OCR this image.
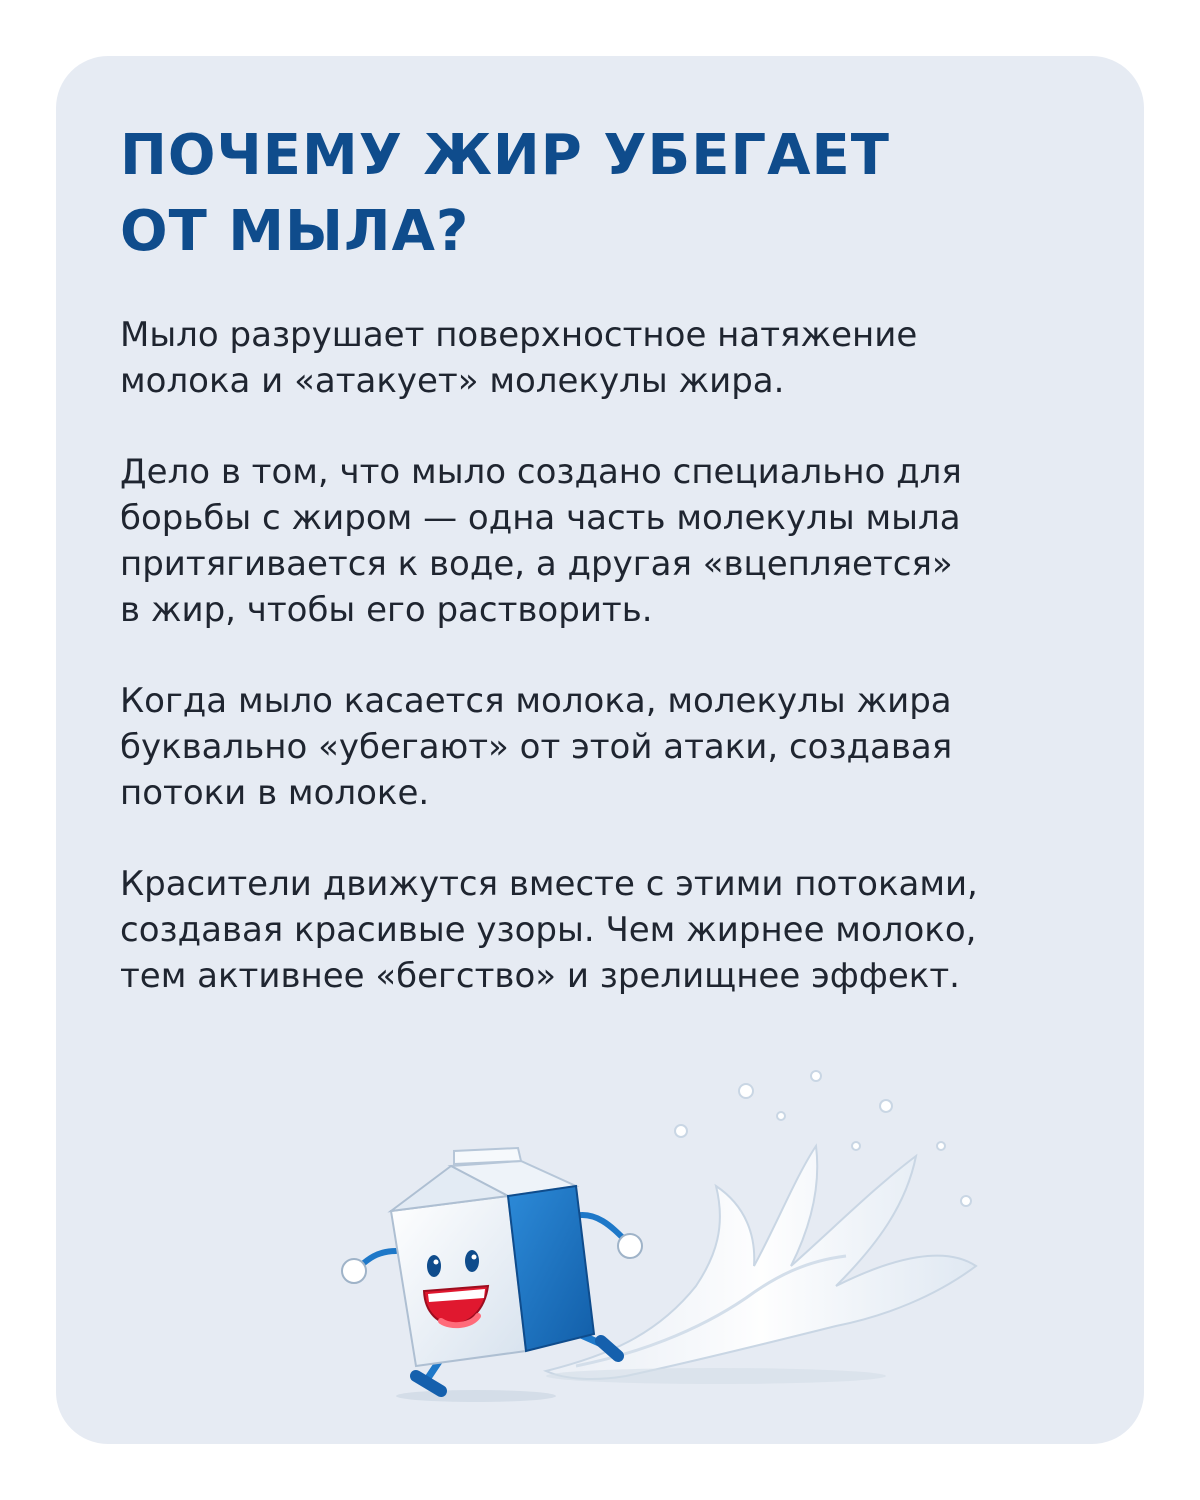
ПОЧЕМУ ЖИР УБЕГАЕТ
ОТ МЫЛА?

Мыло разрушает поверхностное натяжение
молока и «атакует» молекулы жира.

Дело в том, что мыло создано специально для
борьбы с жиром — одна часть молекулы мыла
притягивается к воде, а другая «вцепляется»
в жир, чтобы его растворить.

Когда мыло касается молока, молекулы жира
буквально «убегают» от этой атаки, создавая
потоки в молоке.

Красители движутся вместе с этими потоками,
создавая красивые узоры. Чем жирнее молоко,
тем активнее «бегство» и зрелищнее эффект.
